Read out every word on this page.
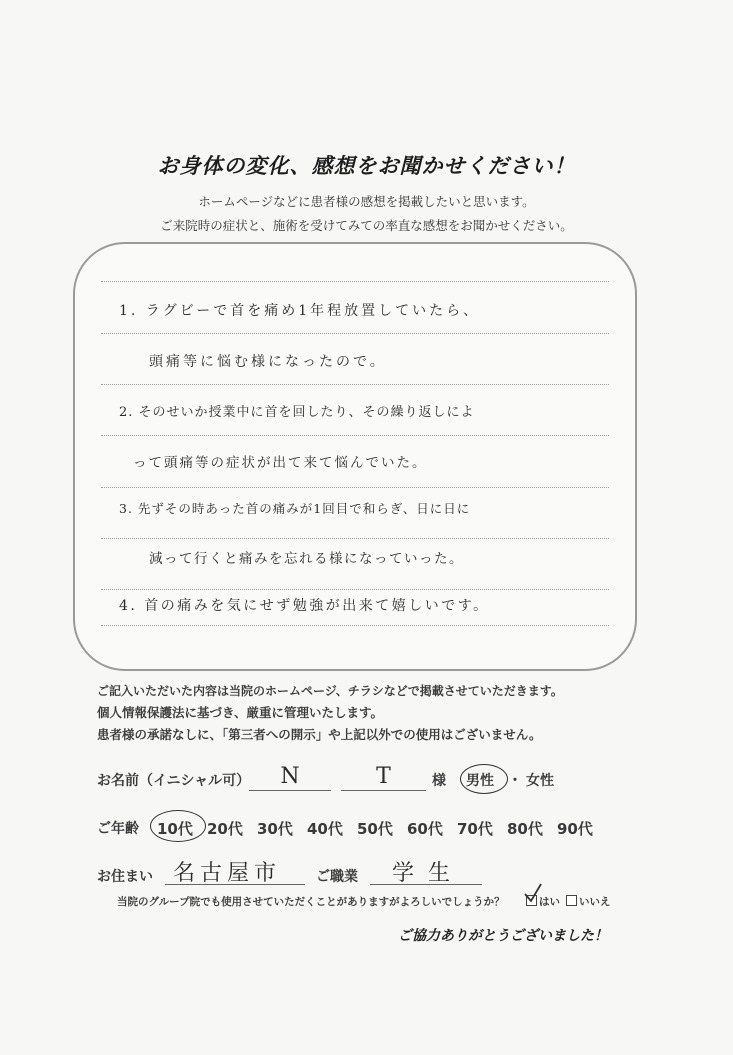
お身体の変化、感想をお聞かせください！
ホームページなどに患者様の感想を掲載したいと思います。
ご来院時の症状と、施術を受けてみての率直な感想をお聞かせください。
1. ラグビーで首を痛め1年程放置していたら、
頭痛等に悩む様になったので。
2. そのせいか授業中に首を回したり、その繰り返しによ
って頭痛等の症状が出て来て悩んでいた。
3. 先ずその時あった首の痛みが1回目で和らぎ、日に日に
減って行くと痛みを忘れる様になっていった。
4. 首の痛みを気にせず勉強が出来て嬉しいです。
ご記入いただいた内容は当院のホームページ、チラシなどで掲載させていただきます。
個人情報保護法に基づき、厳重に管理いたします。
患者様の承諾なしに、「第三者への開示」や上記以外での使用はございません。
お名前（イニシャル可）	N	T	様 男性 ・ 女性
ご年齢 10代 20代 30代 40代 50代 60代 70代 80代 90代
お住まい 名古屋市 ご職業 学生
当院のグループ院でも使用させていただくことがありますがよろしいでしょうか？	はい いいえ
ご協力ありがとうございました！
